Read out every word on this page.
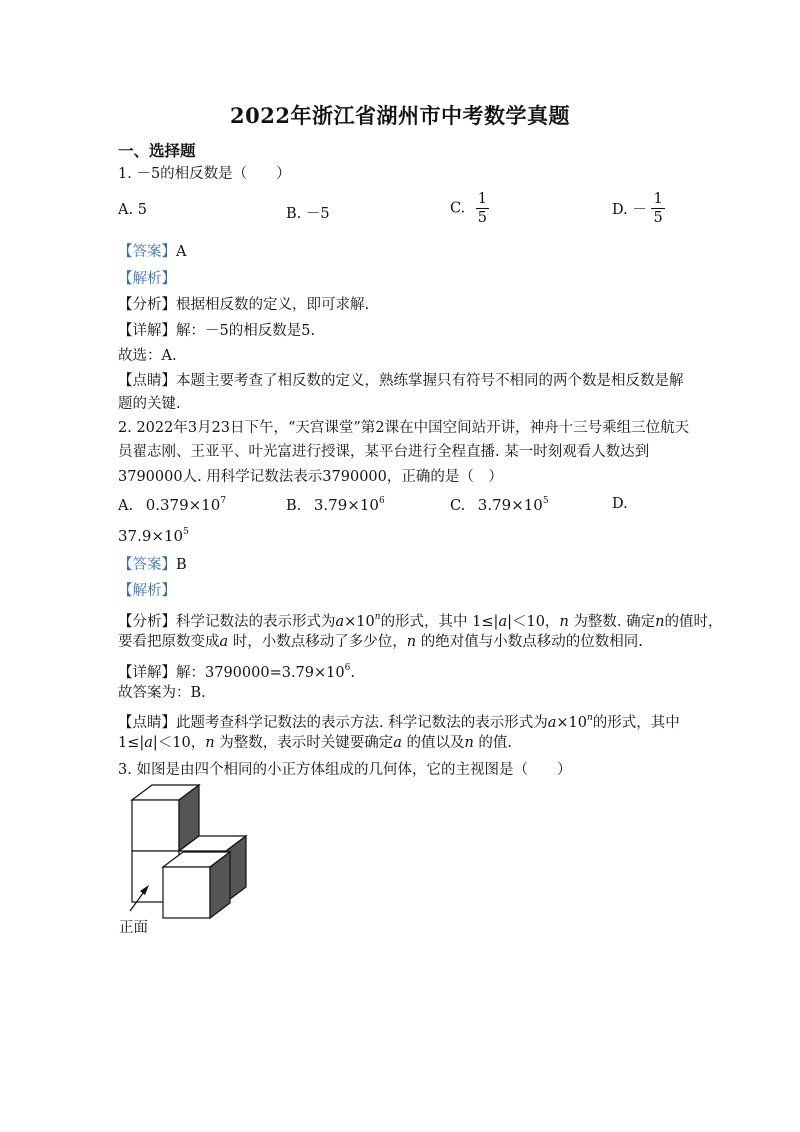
2022年浙江省湖州市中考数学真题
一、选择题
1. －5的相反数是（　　）
A. 5	B. －5	C. $\frac{1}{5}$	D. － $\frac{1}{5}$
【答案】A
【解析】
【分析】根据相反数的定义，即可求解.
【详解】解：－5的相反数是5.
故选：A.
【点睛】本题主要考查了相反数的定义，熟练掌握只有符号不相同的两个数是相反数是解
题的关键.
2. 2022年3月23日下午，“天宫课堂”第2课在中国空间站开讲，神舟十三号乘组三位航天
员翟志刚、王亚平、叶光富进行授课，某平台进行全程直播. 某一时刻观看人数达到
3790000人. 用科学记数法表示3790000，正确的是（　）
A. $0.379\times 10^7$	B. $3.79\times 10^6$	C. $3.79\times 10^5$	D.
$37.9\times 10^5$
【答案】B
【解析】
【分析】科学记数法的表示形式为$a\times 10^n$的形式，其中 1≤|a|＜10，n 为整数. 确定n的值时，
要看把原数变成a 时，小数点移动了多少位，n 的绝对值与小数点移动的位数相同.
【详解】解：$3790000=3.79\times 10^6$.
故答案为：B.
【点睛】此题考查科学记数法的表示方法. 科学记数法的表示形式为$a\times 10^n$的形式，其中
1≤|a|＜10，n 为整数，表示时关键要确定a 的值以及n 的值.
3. 如图是由四个相同的小正方体组成的几何体，它的主视图是（　　）
正面
